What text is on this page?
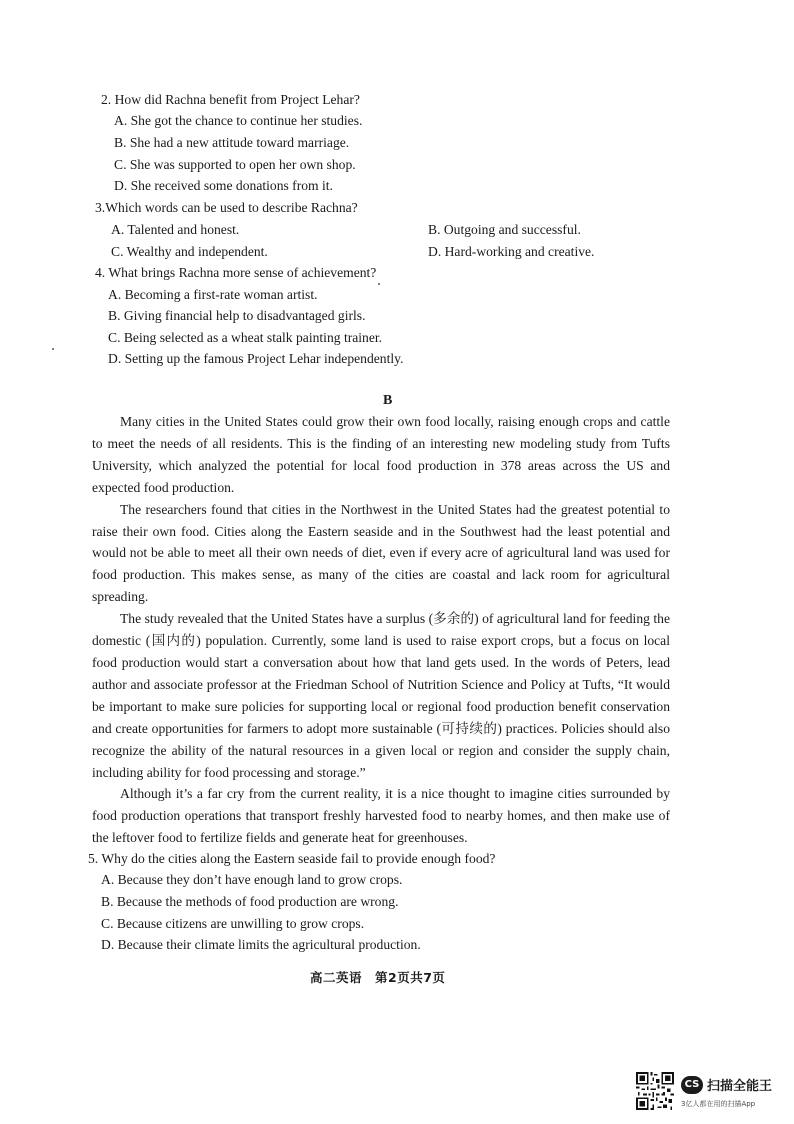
2. How did Rachna benefit from Project Lehar?
A. She got the chance to continue her studies.
B. She had a new attitude toward marriage.
C. She was supported to open her own shop.
D. She received some donations from it.
3.Which words can be used to describe Rachna?
A. Talented and honest.	B. Outgoing and successful.
C. Wealthy and independent.	D. Hard-working and creative.
4. What brings Rachna more sense of achievement?
A. Becoming a first-rate woman artist.
B. Giving financial help to disadvantaged girls.
C. Being selected as a wheat stalk painting trainer.
D. Setting up the famous Project Lehar independently.
B

Many cities in the United States could grow their own food locally, raising enough crops and cattle to meet the needs of all residents. This is the finding of an interesting new modeling study from Tufts University, which analyzed the potential for local food production in 378 areas across the US and expected food production.

The researchers found that cities in the Northwest in the United States had the greatest potential to raise their own food. Cities along the Eastern seaside and in the Southwest had the least potential and would not be able to meet all their own needs of diet, even if every acre of agricultural land was used for food production. This makes sense, as many of the cities are coastal and lack room for agricultural spreading.

The study revealed that the United States have a surplus (多余的) of agricultural land for feeding the domestic (国内的) population. Currently, some land is used to raise export crops, but a focus on local food production would start a conversation about how that land gets used. In the words of Peters, lead author and associate professor at the Friedman School of Nutrition Science and Policy at Tufts, “It would be important to make sure policies for supporting local or regional food production benefit conservation and create opportunities for farmers to adopt more sustainable (可持续的) practices. Policies should also recognize the ability of the natural resources in a given local or region and consider the supply chain, including ability for food processing and storage.”

Although it’s a far cry from the current reality, it is a nice thought to imagine cities surrounded by food production operations that transport freshly harvested food to nearby homes, and then make use of the leftover food to fertilize fields and generate heat for greenhouses.

5. Why do the cities along the Eastern seaside fail to provide enough food?
A. Because they don’t have enough land to grow crops.
B. Because the methods of food production are wrong.
C. Because citizens are unwilling to grow crops.
D. Because their climate limits the agricultural production.
高二英语　第2页共7页
CS 扫描全能王
3亿人都在用的扫描App
